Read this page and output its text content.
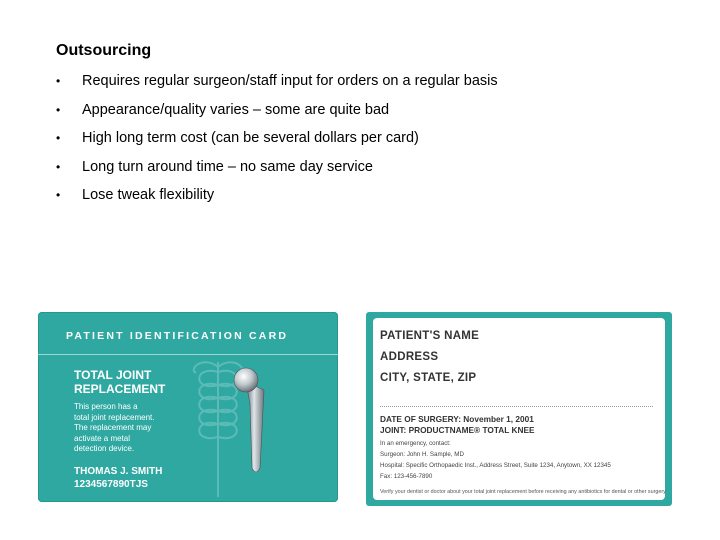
Outsourcing
•	Requires regular surgeon/staff input for orders on a regular basis
•	Appearance/quality varies – some are quite bad
•	High long term cost (can be several dollars per card)
•	Long turn around time – no same day service
•	Lose tweak flexibility
PATIENT IDENTIFICATION CARD
TOTAL JOINT
REPLACEMENT
This person has a
total joint replacement.
The replacement may
activate a metal
detection device.
THOMAS J. SMITH
1234567890TJS
PATIENT'S NAME
ADDRESS
CITY, STATE, ZIP
DATE OF SURGERY: November 1, 2001
JOINT: PRODUCTNAME® TOTAL KNEE
In an emergency, contact:
Surgeon: John H. Sample, MD
Hospital: Specific Orthopaedic Inst., Address Street, Suite 1234, Anytown, XX 12345
Fax: 123-456-7890
Verify your dentist or doctor about your total joint replacement before receiving any antibiotics for dental or other surgery
